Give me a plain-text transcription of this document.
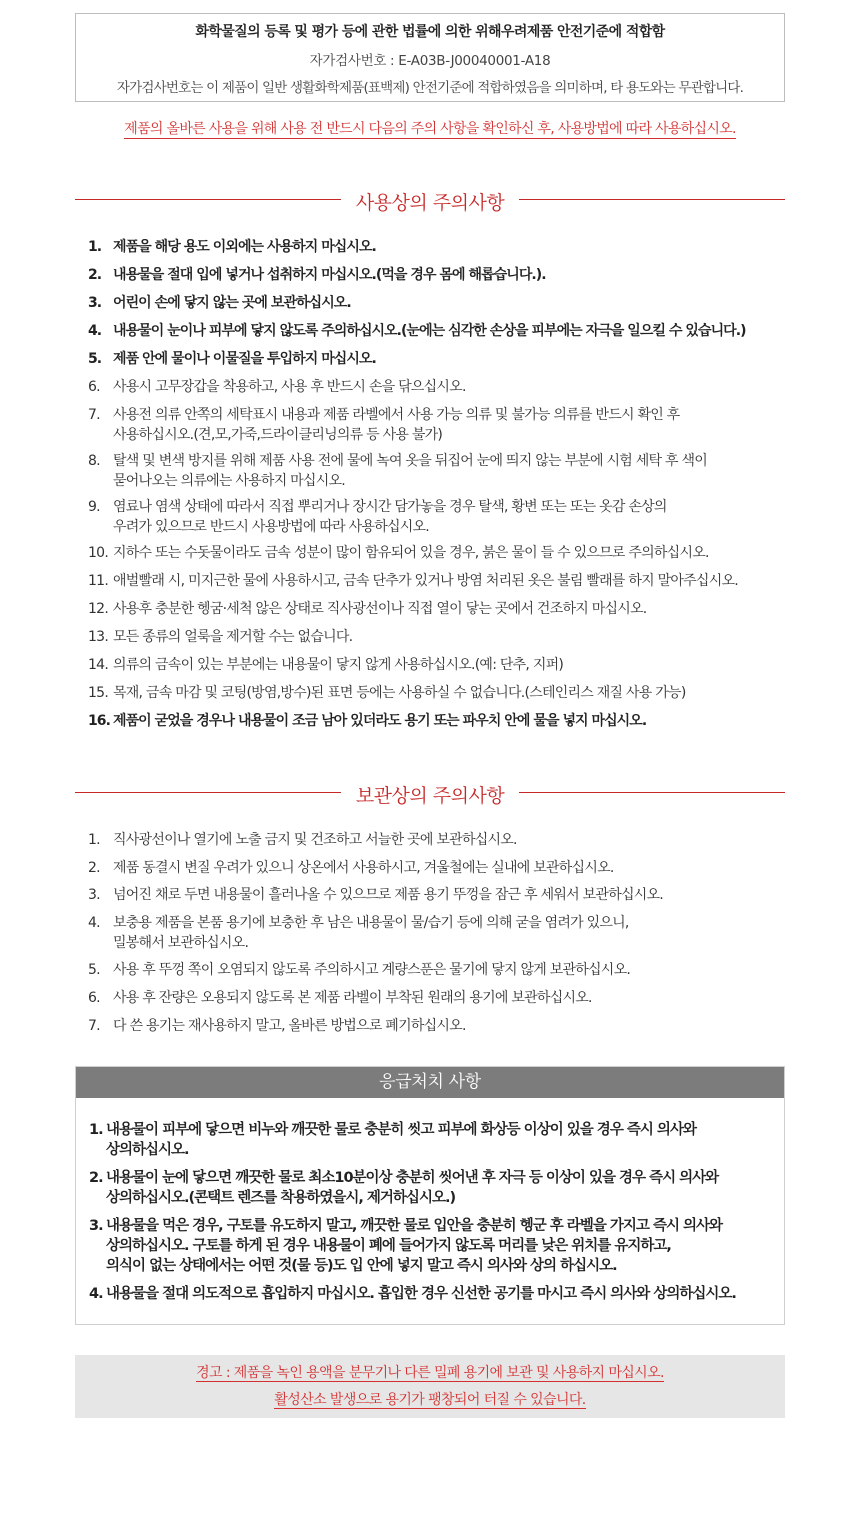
화학물질의 등록 및 평가 등에 관한 법률에 의한 위해우려제품 안전기준에 적합함
자가검사번호 : E-A03B-J00040001-A18
자가검사번호는 이 제품이 일반 생활화학제품(표백제) 안전기준에 적합하였음을 의미하며, 타 용도와는 무관합니다.
제품의 올바른 사용을 위해 사용 전 반드시 다음의 주의 사항을 확인하신 후, 사용방법에 따라 사용하십시오.
사용상의 주의사항
1. 제품을 해당 용도 이외에는 사용하지 마십시오.
2. 내용물을 절대 입에 넣거나 섭취하지 마십시오.(먹을 경우 몸에 해롭습니다.).
3. 어린이 손에 닿지 않는 곳에 보관하십시오.
4. 내용물이 눈이나 피부에 닿지 않도록 주의하십시오.(눈에는 심각한 손상을 피부에는 자극을 일으킬 수 있습니다.)
5. 제품 안에 물이나 이물질을 투입하지 마십시오.
6. 사용시 고무장갑을 착용하고, 사용 후 반드시 손을 닦으십시오.
7. 사용전 의류 안쪽의 세탁표시 내용과 제품 라벨에서 사용 가능 의류 및 불가능 의류를 반드시 확인 후
사용하십시오.(견,모,가죽,드라이클리닝의류 등 사용 불가)
8. 탈색 및 변색 방지를 위해 제품 사용 전에 물에 녹여 옷을 뒤집어 눈에 띄지 않는 부분에 시험 세탁 후 색이
묻어나오는 의류에는 사용하지 마십시오.
9. 염료나 염색 상태에 따라서 직접 뿌리거나 장시간 담가놓을 경우 탈색, 황변 또는 또는 옷감 손상의
우려가 있으므로 반드시 사용방법에 따라 사용하십시오.
10. 지하수 또는 수돗물이라도 금속 성분이 많이 함유되어 있을 경우, 붉은 물이 들 수 있으므로 주의하십시오.
11. 애벌빨래 시, 미지근한 물에 사용하시고, 금속 단추가 있거나 방염 처리된 옷은 불림 빨래를 하지 말아주십시오.
12. 사용후 충분한 헹굼·세척 않은 상태로 직사광선이나 직접 열이 닿는 곳에서 건조하지 마십시오.
13. 모든 종류의 얼룩을 제거할 수는 없습니다.
14. 의류의 금속이 있는 부분에는 내용물이 닿지 않게 사용하십시오.(예: 단추, 지퍼)
15. 목재, 금속 마감 및 코팅(방염,방수)된 표면 등에는 사용하실 수 없습니다.(스테인리스 재질 사용 가능)
16. 제품이 굳었을 경우나 내용물이 조금 남아 있더라도 용기 또는 파우치 안에 물을 넣지 마십시오.
보관상의 주의사항
1. 직사광선이나 열기에 노출 금지 및 건조하고 서늘한 곳에 보관하십시오.
2. 제품 동결시 변질 우려가 있으니 상온에서 사용하시고, 겨울철에는 실내에 보관하십시오.
3. 넘어진 채로 두면 내용물이 흘러나올 수 있으므로 제품 용기 뚜껑을 잠근 후 세워서 보관하십시오.
4. 보충용 제품을 본품 용기에 보충한 후 남은 내용물이 물/습기 등에 의해 굳을 염려가 있으니,
밀봉해서 보관하십시오.
5. 사용 후 뚜껑 쪽이 오염되지 않도록 주의하시고 계량스푼은 물기에 닿지 않게 보관하십시오.
6. 사용 후 잔량은 오용되지 않도록 본 제품 라벨이 부착된 원래의 용기에 보관하십시오.
7. 다 쓴 용기는 재사용하지 말고, 올바른 방법으로 폐기하십시오.
응급처치 사항
1. 내용물이 피부에 닿으면 비누와 깨끗한 물로 충분히 씻고 피부에 화상등 이상이 있을 경우 즉시 의사와
상의하십시오.
2. 내용물이 눈에 닿으면 깨끗한 물로 최소10분이상 충분히 씻어낸 후 자극 등 이상이 있을 경우 즉시 의사와
상의하십시오.(콘택트 렌즈를 착용하였을시, 제거하십시오.)
3. 내용물을 먹은 경우, 구토를 유도하지 말고, 깨끗한 물로 입안을 충분히 헹군 후 라벨을 가지고 즉시 의사와
상의하십시오. 구토를 하게 된 경우 내용물이 폐에 들어가지 않도록 머리를 낮은 위치를 유지하고,
의식이 없는 상태에서는 어떤 것(물 등)도 입 안에 넣지 말고 즉시 의사와 상의 하십시오.
4. 내용물을 절대 의도적으로 흡입하지 마십시오. 흡입한 경우 신선한 공기를 마시고 즉시 의사와 상의하십시오.
경고 : 제품을 녹인 용액을 분무기나 다른 밀폐 용기에 보관 및 사용하지 마십시오.
활성산소 발생으로 용기가 팽창되어 터질 수 있습니다.
